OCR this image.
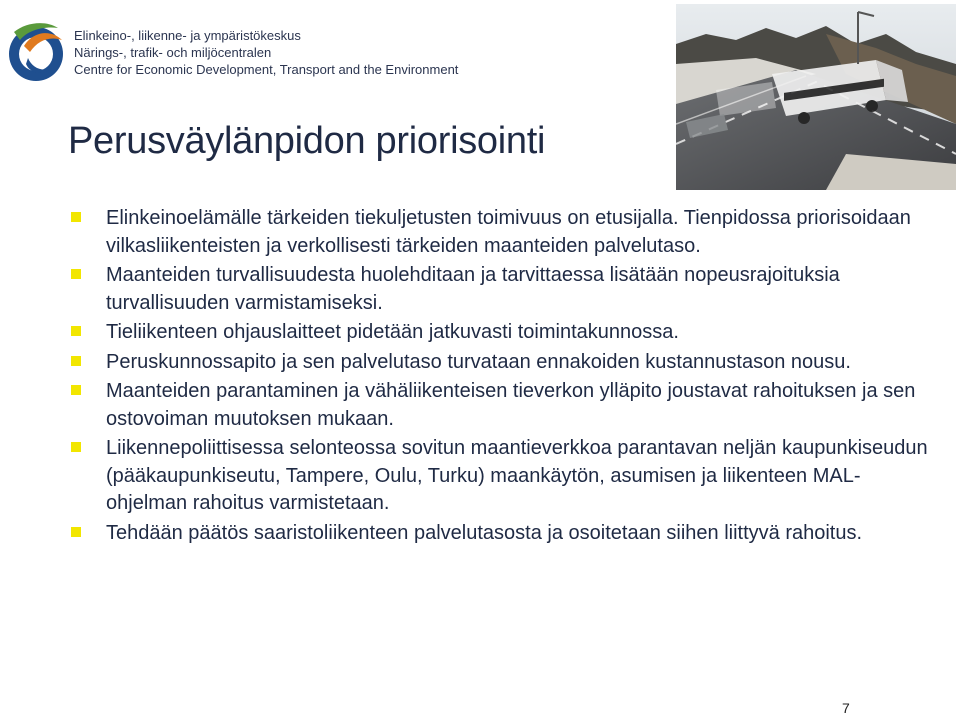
Elinkeino-, liikenne- ja ympäristökeskus
Närings-, trafik- och miljöcentralen
Centre for Economic Development, Transport and the Environment
Perusväylänpidon priorisointi
Elinkeinoelämälle tärkeiden tiekuljetusten toimivuus on etusijalla. Tienpidossa priorisoidaan vilkasliikenteisten ja verkollisesti tärkeiden maanteiden palvelutaso.
Maanteiden turvallisuudesta huolehditaan ja tarvittaessa lisätään nopeusrajoituksia turvallisuuden varmistamiseksi.
Tieliikenteen ohjauslaitteet pidetään jatkuvasti toimintakunnossa.
Peruskunnossapito ja sen palvelutaso turvataan ennakoiden kustannustason nousu.
Maanteiden parantaminen ja vähäliikenteisen tieverkon ylläpito joustavat rahoituksen ja sen ostovoiman muutoksen mukaan.
Liikennepoliittisessa selonteossa sovitun maantieverkkoa parantavan neljän kaupunkiseudun (pääkaupunkiseutu, Tampere, Oulu, Turku) maankäytön, asumisen ja liikenteen MAL-ohjelman rahoitus varmistetaan.
Tehdään päätös saaristoliikenteen palvelutasosta ja osoitetaan siihen liittyvä rahoitus.
7
